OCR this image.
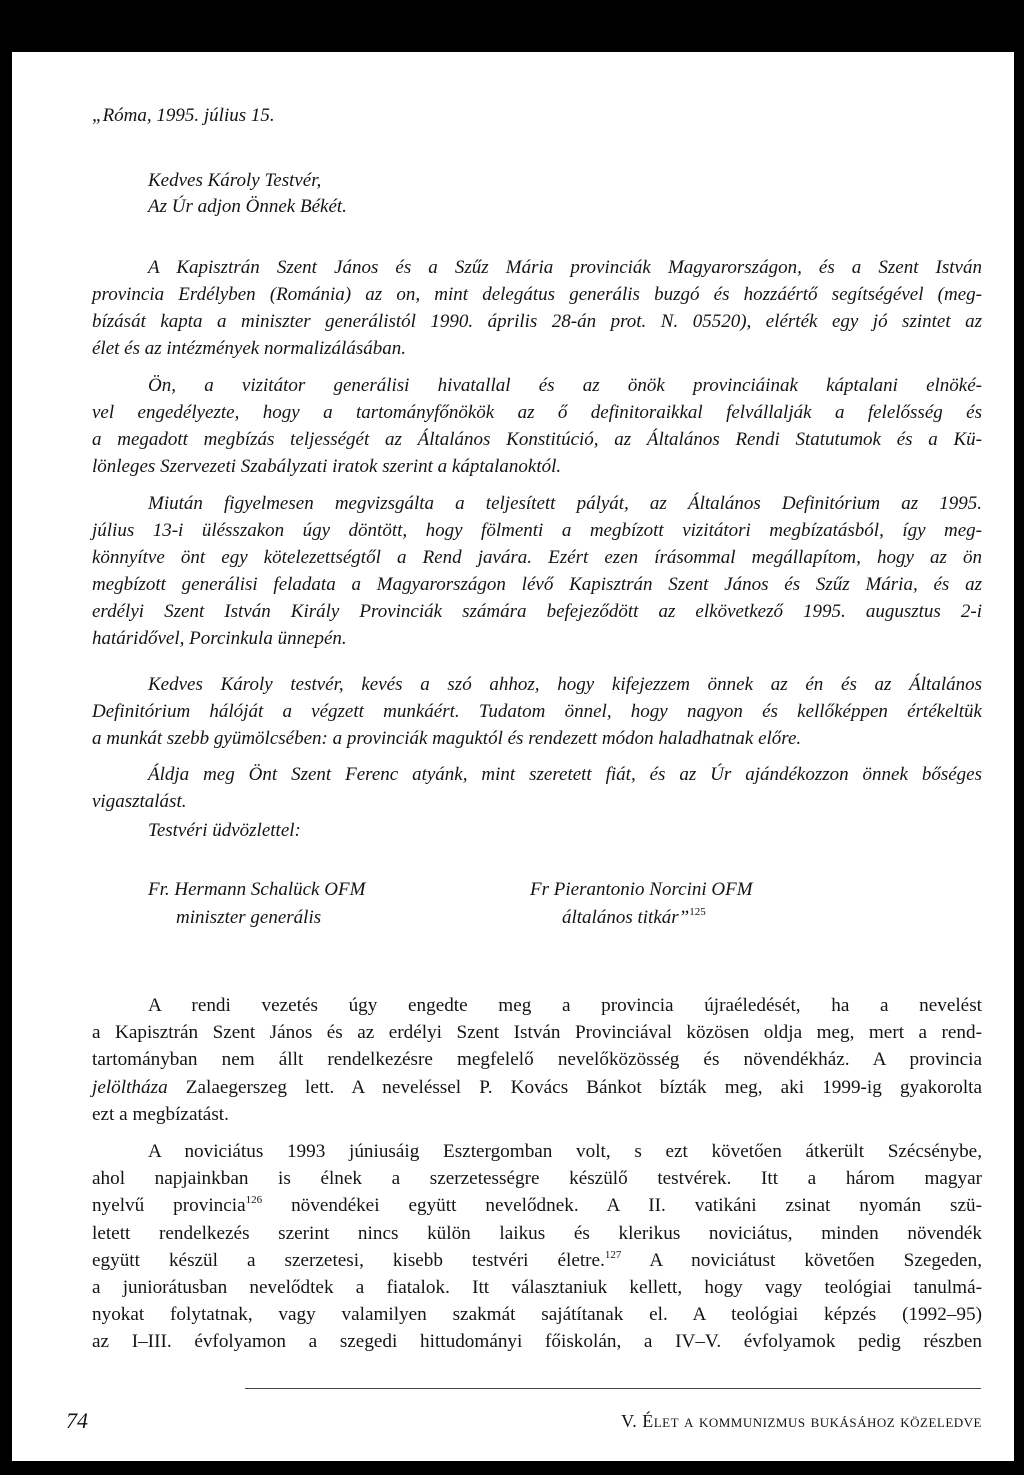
„Róma, 1995. július 15.
Kedves Károly Testvér,
Az Úr adjon Önnek Békét.

A Kapisztrán Szent János és a Szűz Mária provinciák Magyarországon, és a Szent István

provincia Erdélyben (Románia) az on, mint delegátus generális buzgó és hozzáértő segítségével (meg-

bízását kapta a miniszter generálistól 1990. április 28-án prot. N. 05520), elérték egy jó szintet az

élet és az intézmények normalizálásában.

Ön, a vizitátor generálisi hivatallal és az önök provinciáinak káptalani elnöké-

vel engedélyezte, hogy a tartományfőnökök az ő definitoraikkal felvállalják a felelősség és

a megadott megbízás teljességét az Általános Konstitúció, az Általános Rendi Statutumok és a Kü-

lönleges Szervezeti Szabályzati iratok szerint a káptalanoktól.

Miután figyelmesen megvizsgálta a teljesített pályát, az Általános Definitórium az 1995.

július 13-i ülésszakon úgy döntött, hogy fölmenti a megbízott vizitátori megbízatásból, így meg-

könnyítve önt egy kötelezettségtől a Rend javára. Ezért ezen írásommal megállapítom, hogy az ön

megbízott generálisi feladata a Magyarországon lévő Kapisztrán Szent János és Szűz Mária, és az

erdélyi Szent István Király Provinciák számára befejeződött az elkövetkező 1995. augusztus 2-i

határidővel, Porcinkula ünnepén.

Kedves Károly testvér, kevés a szó ahhoz, hogy kifejezzem önnek az én és az Általános

Definitórium hálóját a végzett munkáért. Tudatom önnel, hogy nagyon és kellőképpen értékeltük

a munkát szebb gyümölcsében: a provinciák maguktól és rendezett módon haladhatnak előre.

Áldja meg Önt Szent Ferenc atyánk, mint szeretett fiát, és az Úr ajándékozzon önnek bőséges

vigasztalást.

Testvéri üdvözlettel:

Fr. Hermann Schalück OFM
miniszter generális
Fr Pierantonio Norcini OFM
általános titkár”$^{125}$

A rendi vezetés úgy engedte meg a provincia újraéledését, ha a nevelést

a Kapisztrán Szent János és az erdélyi Szent István Provinciával közösen oldja meg, mert a rend-

tartományban nem állt rendelkezésre megfelelő nevelőközösség és növendékház. A provincia

jelöltháza Zalaegerszeg lett. A neveléssel P. Kovács Bánkot bízták meg, aki 1999-ig gyakorolta

ezt a megbízatást.

A noviciátus 1993 júniusáig Esztergomban volt, s ezt követően átkerült Szécsénybe,

ahol napjainkban is élnek a szerzetességre készülő testvérek. Itt a három magyar

nyelvű provincia$^{126}$ növendékei együtt nevelődnek. A II. vatikáni zsinat nyomán szü-

letett rendelkezés szerint nincs külön laikus és klerikus noviciátus, minden növendék

együtt készül a szerzetesi, kisebb testvéri életre.$^{127}$ A noviciátust követően Szegeden,

a juniorátusban nevelődtek a fiatalok. Itt választaniuk kellett, hogy vagy teológiai tanulmá-

nyokat folytatnak, vagy valamilyen szakmát sajátítanak el. A teológiai képzés (1992–95)

az I–III. évfolyamon a szegedi hittudományi főiskolán, a IV–V. évfolyamok pedig részben

74	V. Élet a kommunizmus bukásához közeledve
